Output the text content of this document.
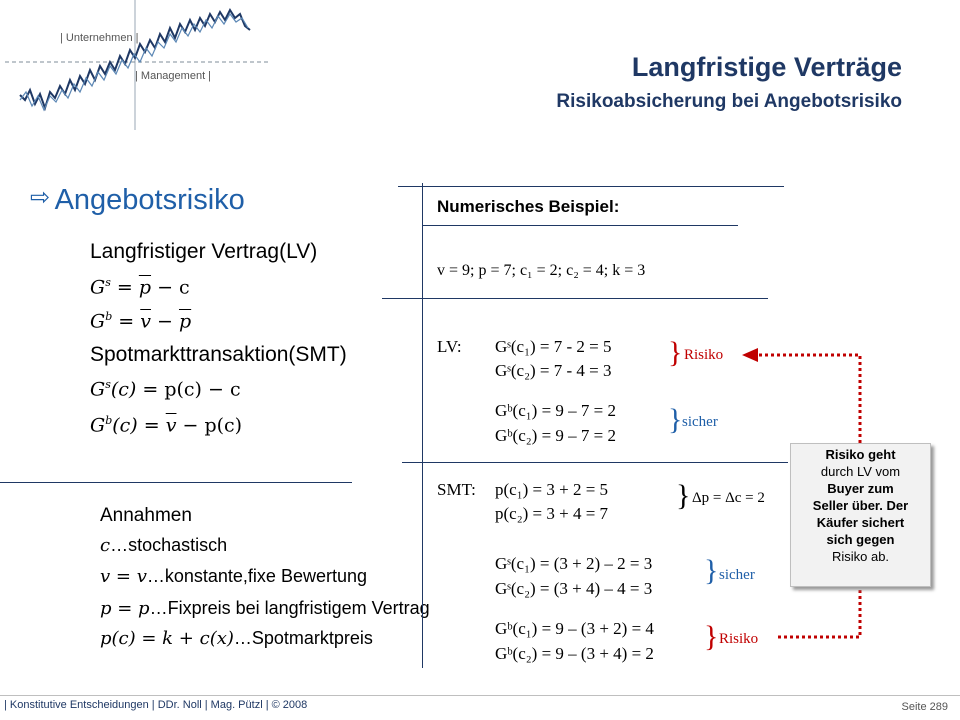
| Unternehmen |
| Management |	Langfristige Verträge
Risikoabsicherung bei Angebotsrisiko
⇨ Angebotsrisiko
Langfristiger Vertrag(LV)
$G^s = \overline{p} - c$
$G^b = \overline{v} - \overline{p}$
Spotmarkttransaktion(SMT)
$G^s(c) = p(c) - c$
$G^b(c) = \overline{v} - p(c)$
Annahmen
c…stochastisch
v = v…konstante,fixe Bewertung
p = p…Fixpreis bei langfristigem Vertrag
p(c) = k + c(x)…Spotmarktpreis
Numerisches Beispiel:
v = 9; p = 7; c₁ = 2; c₂ = 4; k = 3
LV: Gˢ(c₁) = 7 - 2 = 5
Gˢ(c₂) = 7 - 4 = 3
Gᵇ(c₁) = 9 – 7 = 2
Gᵇ(c₂) = 9 – 7 = 2
SMT: p(c₁) = 3 + 2 = 5
p(c₂) = 3 + 4 = 7
Gˢ(c₁) = (3 + 2) – 2 = 3
Gˢ(c₂) = (3 + 4) – 4 = 3
Gᵇ(c₁) = 9 – (3 + 2) = 4
Gᵇ(c₂) = 9 – (3 + 4) = 2
} Risiko
} sicher
} Δp = Δc = 2
} sicher
} Risiko
Risiko geht
durch LV vom
Buyer zum
Seller über. Der
Käufer sichert
sich gegen
Risiko ab.
| Konstitutive Entscheidungen | DDr. Noll | Mag. Pützl | © 2008	Seite 289
